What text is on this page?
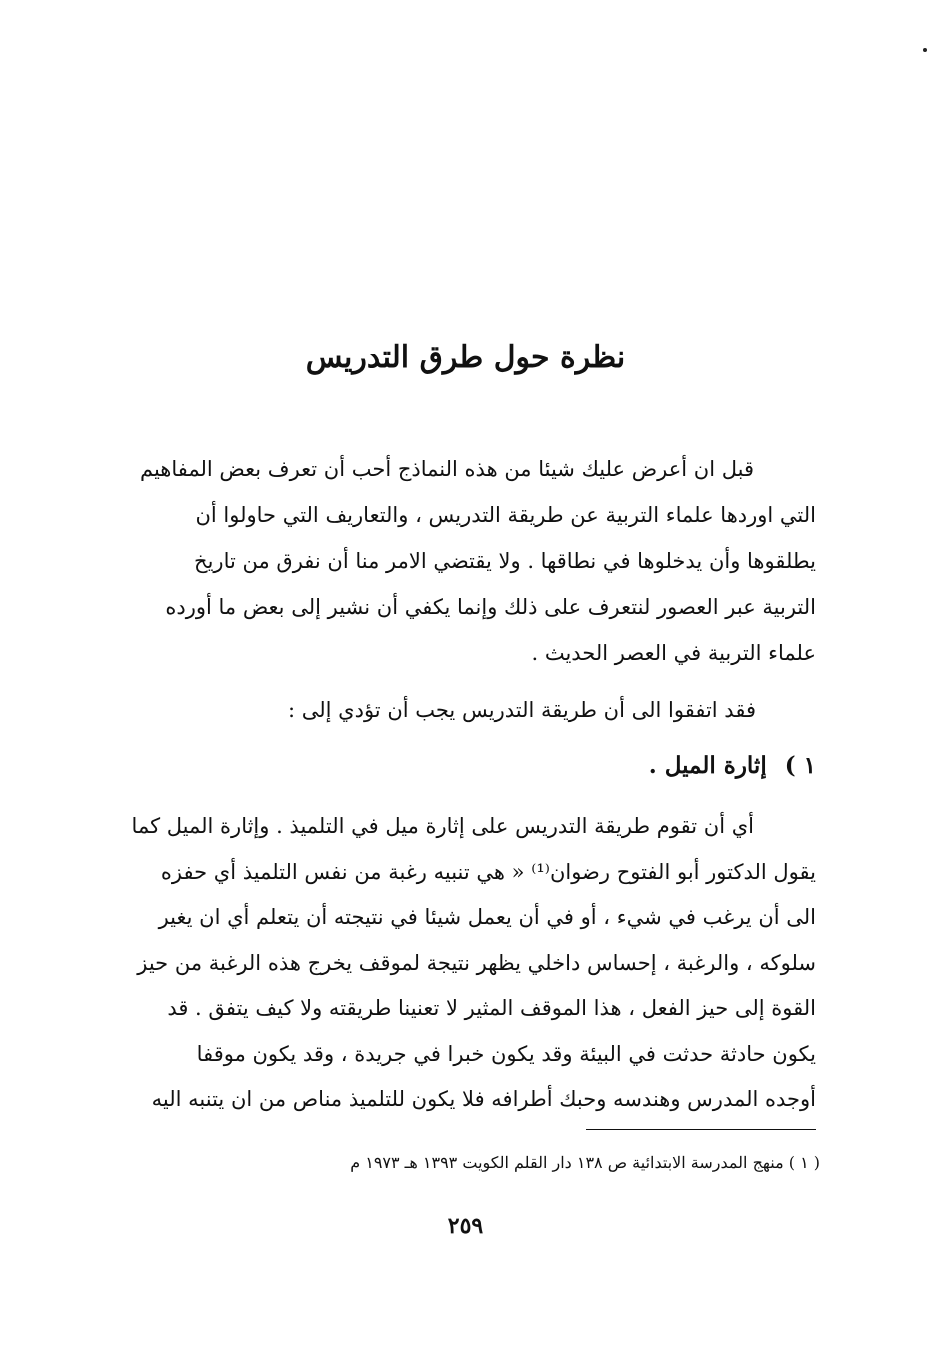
نظرة حول طرق التدريس
قبل ان أعرض عليك شيئا من هذه النماذج أحب أن تعرف بعض المفاهيم
التي اوردها علماء التربية عن طريقة التدريس ، والتعاريف التي حاولوا أن
يطلقوها وأن يدخلوها في نطاقها . ولا يقتضي الامر منا أن نفرق من تاريخ
التربية عبر العصور لنتعرف على ذلك وإنما يكفي أن نشير إلى بعض ما أورده
علماء التربية في العصر الحديث .
فقد اتفقوا الى أن طريقة التدريس يجب أن تؤدي إلى :
١ ) إثارة الميل .
أي أن تقوم طريقة التدريس على إثارة ميل في التلميذ . وإثارة الميل كما
يقول الدكتور أبو الفتوح رضوان⁽¹⁾ « هي تنبيه رغبة من نفس التلميذ أي حفزه
الى أن يرغب في شيء ، أو في أن يعمل شيئا في نتيجته أن يتعلم أي ان يغير
سلوكه ، والرغبة ، إحساس داخلي يظهر نتيجة لموقف يخرج هذه الرغبة من حيز
القوة إلى حيز الفعل ، هذا الموقف المثير لا تعنينا طريقته ولا كيف يتفق . قد
يكون حادثة حدثت في البيئة وقد يكون خبرا في جريدة ، وقد يكون موقفا
أوجده المدرس وهندسه وحبك أطرافه فلا يكون للتلميذ مناص من ان يتنبه اليه
( ١ ) منهج المدرسة الابتدائية ص ١٣٨ دار القلم الكويت ١٣٩٣ هـ ١٩٧٣ م
٢٥٩
